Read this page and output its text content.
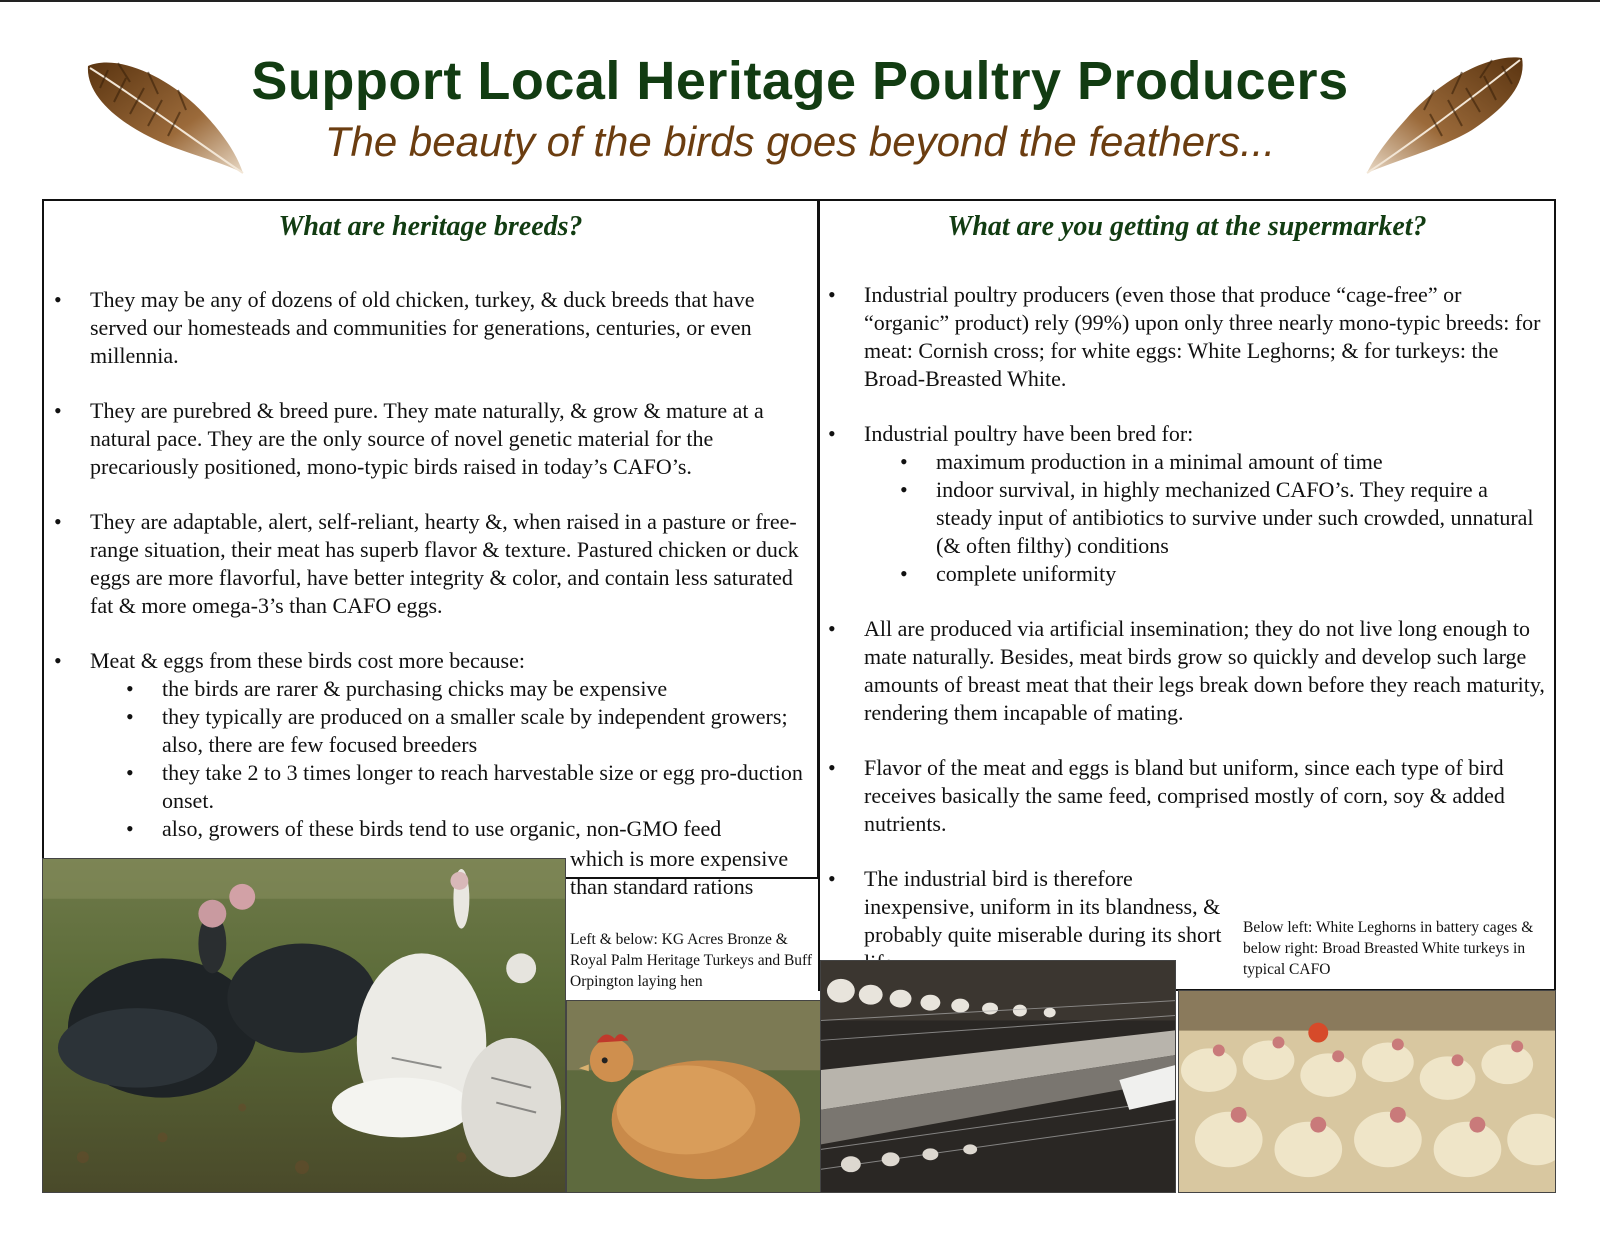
Support Local Heritage Poultry Producers
The beauty of the birds goes beyond the feathers...
What are heritage breeds?
• They may be any of dozens of old chicken, turkey, & duck breeds that have served our homesteads and communities for generations, centuries, or even millennia.
• They are purebred & breed pure. They mate naturally, & grow & mature at a natural pace. They are the only source of novel genetic material for the precariously positioned, mono-typic birds raised in today’s CAFO’s.
• They are adaptable, alert, self-reliant, hearty &, when raised in a pasture or free-range situation, their meat has superb flavor & texture. Pastured chicken or duck eggs are more flavorful, have better integrity & color, and contain less saturated fat & more omega-3’s than CAFO eggs.
• Meat & eggs from these birds cost more because:
• the birds are rarer & purchasing chicks may be expensive
• they typically are produced on a smaller scale by independent growers; also, there are few focused breeders
• they take 2 to 3 times longer to reach harvestable size or egg pro-duction onset.
• also, growers of these birds tend to use organic, non-GMO feed
which is more expensive than standard rations
Left & below: KG Acres Bronze & Royal Palm Heritage Turkeys and Buff Orpington laying hen
What are you getting at the supermarket?
• Industrial poultry producers (even those that produce “cage-free” or “organic” product) rely (99%) upon only three nearly mono-typic breeds: for meat: Cornish cross; for white eggs: White Leghorns; & for turkeys: the Broad-Breasted White.
• Industrial poultry have been bred for:
• maximum production in a minimal amount of time
• indoor survival, in highly mechanized CAFO’s. They require a steady input of antibiotics to survive under such crowded, unnatural (& often filthy) conditions
• complete uniformity
• All are produced via artificial insemination; they do not live long enough to mate naturally. Besides, meat birds grow so quickly and develop such large amounts of breast meat that their legs break down before they reach maturity, rendering them incapable of mating.
• Flavor of the meat and eggs is bland but uniform, since each type of bird receives basically the same feed, comprised mostly of corn, soy & added nutrients.
• The industrial bird is therefore inexpensive, uniform in its blandness, & probably quite miserable during its short Below left: White Leghorns in battery cages & below right: Broad Breasted White turkeys in typical CAFO
